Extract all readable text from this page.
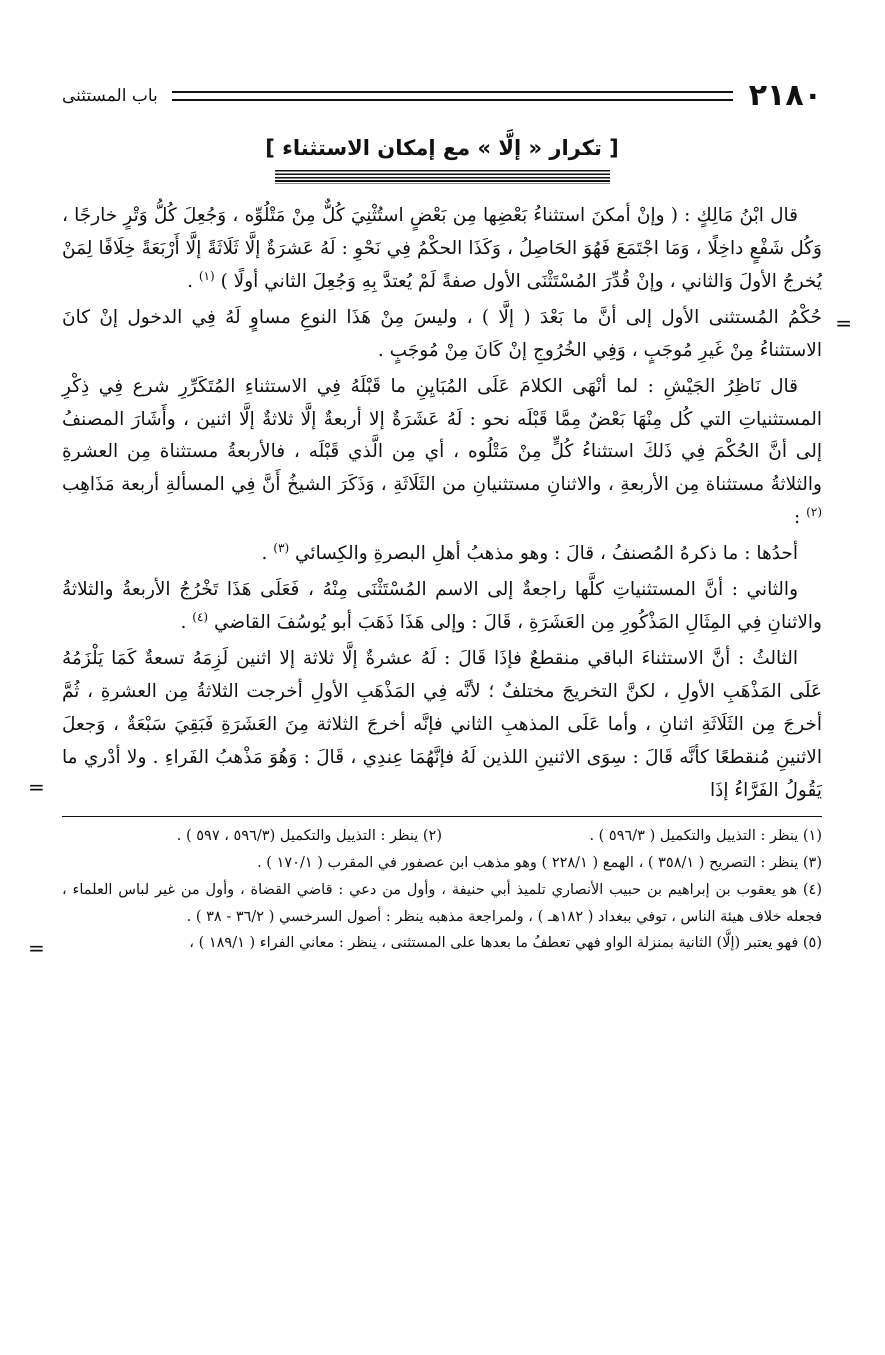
٢١٨٠
باب المستثنى
[ تكرار « إلَّا » مع إمكان الاستثناء ]

قال ابْنُ مَالِكٍ : ( وإنْ أمكنَ استثناءُ بَعْضِها مِن بَعْضٍ استُثْنِيَ كُلٌّ مِنْ مَتْلُوِّه ، وَجُعِلَ كُلُّ وَتْرٍ خارجًا ، وَكُل شَفْعٍ داخِلًا ، وَمَا اجْتَمَعَ فَهُوَ الحَاصِلُ ، وَكَذَا الحكْمُ فِي نَحْوِ : لَهُ عَشرَةٌ إلَّا ثَلَاثَةً إلَّا أَرْبَعَةً خِلَافًا لِمَنْ يُخرجُ الأولَ وَالثاني ، وإنْ قُدِّرَ المُسْتَثْنَى الأول صفةً لَمْ يُعتدَّ بِهِ وَجُعِلَ الثاني أولًا ) $^{(١)}$ .

=
حُكْمُ المُستثنى الأول إلى أنَّ ما بَعْدَ ( إلَّا ) ، وليسَ مِنْ هَذَا النوعِ مساوٍ لَهُ فِي الدخول إنْ كانَ الاستثناءُ مِنْ غَيرِ مُوجَبٍ ، وَفِي الخُرُوجِ إنْ كَانَ مِنْ مُوجَبٍ .

قال نَاظِرُ الجَيْشِ : لما أنْهَى الكلامَ عَلَى المُبَايِنِ ما قَبْلَهُ فِي الاستثناءِ المُتَكَرِّرِ شرع فِي ذِكْرِ المستثنياتِ التي كُل مِنْهَا بَعْضٌ مِمَّا قَبْلَه نحو : لَهُ عَشَرَةٌ إلا أربعةٌ إلَّا ثلاثةٌ إلَّا اثنين ، وأَشَارَ المصنفُ إلى أنَّ الحُكْمَ فِي ذَلكَ استثناءُ كُلٍّ مِنْ مَتْلُوه ، أي مِن الَّذي قَبْلَه ، فالأربعةُ مستثناة مِن العشرةِ والثلاثةُ مستثناة مِن الأربعةِ ، والاثنانِ مستثنيانِ من الثَلَاثَةِ ، وَذَكَرَ الشيخُ أَنَّ فِي المسألةِ أربعة مَذَاهِب $^{(٢)}$ :

أحدُها : ما ذكرهُ المُصنفُ ، قالَ : وهو مذهبُ أهلِ البصرةِ والكِسائي $^{(٣)}$ .

والثاني : أنَّ المستثنياتِ كلَّها راجعةٌ إلى الاسم المُسْتَثْنَى مِنْهُ ، فَعَلَى هَذَا تَخْرُجُ الأربعةُ والثلاثةُ والاثنانِ فِي المِثَالِ المَذْكُورِ مِن العَشَرَةِ ، قَالَ : وإلى هَذَا ذَهَبَ أبو يُوسُفَ القاضي $^{(٤)}$ .

=
الثالثُ : أنَّ الاستثناءَ الباقي منقطعٌ فإذَا قَالَ : لَهُ عشرةٌ إلَّا ثلاثة إلا اثنين لَزِمَهُ تسعةٌ كَمَا يَلْزَمُهُ عَلَى المَذْهَبِ الأولِ ، لكنَّ التخريجَ مختلفٌ ؛ لأنَّه فِي المَذْهَبِ الأولِ أخرجت الثلاثةُ مِن العشرةِ ، ثُمَّ أخرجَ مِن الثَلَاثَةِ اثنانِ ، وأما عَلَى المذهبِ الثاني فإنَّه أخرجَ الثلاثة مِنَ العَشَرَةِ فَبَقِيَ سَبْعَةٌ ، وَجعلَ الاثنينِ مُنقطعًا كأنَّه قَالَ : سِوَى الاثنينِ اللذين لَهُ فإنَّهُمَا عِندِي ، قَالَ : وَهُوَ مَذْهبُ الفَراءِ . ولا أدْري ما يَقُولُ الفَرَّاءُ إذَا

(١) ينظر : التذييل والتكميل ( ٥٩٦/٣ ) .

(٢) ينظر : التذييل والتكميل (٥٩٦/٣ ، ٥٩٧ ) .

(٣) ينظر : التصريح ( ٣٥٨/١ ) ، الهمع ( ٢٢٨/١ ) وهو مذهب ابن عصفور في المقرب ( ١٧٠/١ ) .

(٤) هو يعقوب بن إبراهيم بن حبيب الأنصاري تلميذ أبي حنيفة ، وأول من دعي : قاضي القضاة ، وأول من غير لباس العلماء ، فجعله خلاف هيئة الناس ، توفي ببغداد ( ١٨٢هـ ) ، ولمراجعة مذهبه ينظر : أصول السرخسي ( ٣٦/٢ - ٣٨ ) .

=	(٥) فهو يعتبر (إلَّا) الثانية بمنزلة الواو فهي تعطفُ ما بعدها على المستثنى ، ينظر : معاني الفراء ( ١٨٩/١ ) ،
